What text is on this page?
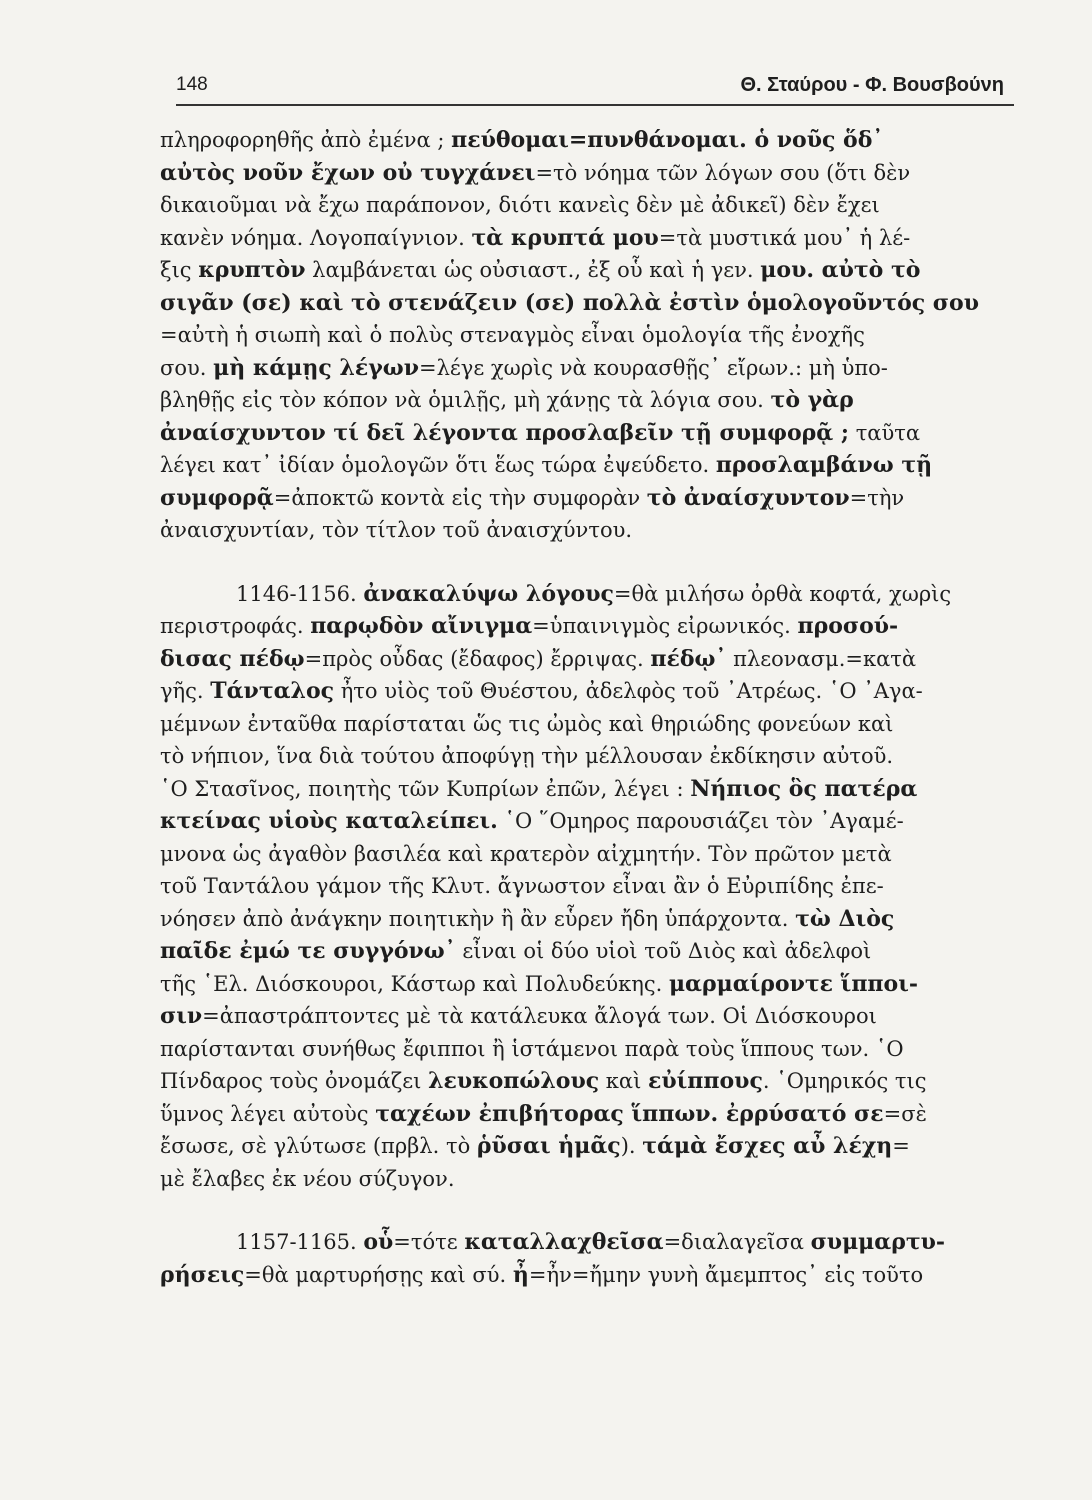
148	Θ. Σταύρου - Φ. Βουσβούνη
πληροφορηθῆς ἀπὸ ἐμένα ; πεύθομαι=πυνθάνομαι. ὁ νοῦς ὅδ᾽
αὐτὸς νοῦν ἔχων οὐ τυγχάνει=τὸ νόημα τῶν λόγων σου (ὅτι δὲν
δικαιοῦμαι νὰ ἔχω παράπονον, διότι κανεὶς δὲν μὲ ἀδικεῖ) δὲν ἔχει
κανὲν νόημα. Λογοπαίγνιον. τὰ κρυπτά μου=τὰ μυστικά μου᾽ ἡ λέ-
ξις κρυπτὸν λαμβάνεται ὡς οὐσιαστ., ἐξ οὗ καὶ ἡ γεν. μου. αὐτὸ τὸ
σιγᾶν (σε) καὶ τὸ στενάζειν (σε) πολλὰ ἐστὶν ὁμολογοῦντός σου
=αὐτὴ ἡ σιωπὴ καὶ ὁ πολὺς στεναγμὸς εἶναι ὁμολογία τῆς ἐνοχῆς
σου. μὴ κάμῃς λέγων=λέγε χωρὶς νὰ κουρασθῇς᾽ εἴρων.: μὴ ὑπο-
βληθῇς εἰς τὸν κόπον νὰ ὁμιλῇς, μὴ χάνῃς τὰ λόγια σου. τὸ γὰρ
ἀναίσχυντον τί δεῖ λέγοντα προσλαβεῖν τῇ συμφορᾷ ; ταῦτα
λέγει κατ᾽ ἰδίαν ὁμολογῶν ὅτι ἕως τώρα ἐψεύδετο. προσλαμβάνω τῇ
συμφορᾷ=ἀποκτῶ κοντὰ εἰς τὴν συμφορὰν τὸ ἀναίσχυντον=τὴν
ἀναισχυντίαν, τὸν τίτλον τοῦ ἀναισχύντου.
1146-1156. ἀνακαλύψω λόγους=θὰ μιλήσω ὀρθὰ κοφτά, χωρὶς
περιστροφάς. παρῳδὸν αἴνιγμα=ὑπαινιγμὸς εἰρωνικός. προσού-
δισας πέδῳ=πρὸς οὖδας (ἔδαφος) ἔρριψας. πέδῳ᾽ πλεονασμ.=κατὰ
γῆς. Τάνταλος ἦτο υἱὸς τοῦ Θυέστου, ἀδελφὸς τοῦ ᾿Ατρέως. ῾Ο ᾿Αγα-
μέμνων ἐνταῦθα παρίσταται ὥς τις ὠμὸς καὶ θηριώδης φονεύων καὶ
τὸ νήπιον, ἵνα διὰ τούτου ἀποφύγῃ τὴν μέλλουσαν ἐκδίκησιν αὐτοῦ.
῾Ο Στασῖνος, ποιητὴς τῶν Κυπρίων ἐπῶν, λέγει : Νήπιος ὃς πατέρα
κτείνας υἱοὺς καταλείπει. ῾Ο ῞Ομηρος παρουσιάζει τὸν ᾿Αγαμέ-
μνονα ὡς ἀγαθὸν βασιλέα καὶ κρατερὸν αἰχμητήν. Τὸν πρῶτον μετὰ
τοῦ Ταντάλου γάμον τῆς Κλυτ. ἄγνωστον εἶναι ἂν ὁ Εὐριπίδης ἐπε-
νόησεν ἀπὸ ἀνάγκην ποιητικὴν ἢ ἂν εὗρεν ἤδη ὑπάρχοντα. τὼ Διὸς
παῖδε ἐμώ τε συγγόνω᾽ εἶναι οἱ δύο υἱοὶ τοῦ Διὸς καὶ ἀδελφοὶ
τῆς ῾Ελ. Διόσκουροι, Κάστωρ καὶ Πολυδεύκης. μαρμαίροντε ἵπποι-
σιν=ἀπαστράπτοντες μὲ τὰ κατάλευκα ἄλογά των. Οἱ Διόσκουροι
παρίστανται συνήθως ἔφιπποι ἢ ἱστάμενοι παρὰ τοὺς ἵππους των. ῾Ο
Πίνδαρος τοὺς ὀνομάζει λευκοπώλους καὶ εὐίππους. ῾Ομηρικός τις
ὕμνος λέγει αὐτοὺς ταχέων ἐπιβήτορας ἵππων. ἐρρύσατό σε=σὲ
ἔσωσε, σὲ γλύτωσε (πρβλ. τὸ ῥῦσαι ἡμᾶς). τάμὰ ἔσχες αὖ λέχη=
μὲ ἔλαβες ἐκ νέου σύζυγον.
1157-1165. οὗ=τότε καταλλαχθεῖσα=διαλαγεῖσα συμμαρτυ-
ρήσεις=θὰ μαρτυρήσῃς καὶ σύ. ἦ=ἦν=ἤμην γυνὴ ἄμεμπτος᾽ εἰς τοῦτο
